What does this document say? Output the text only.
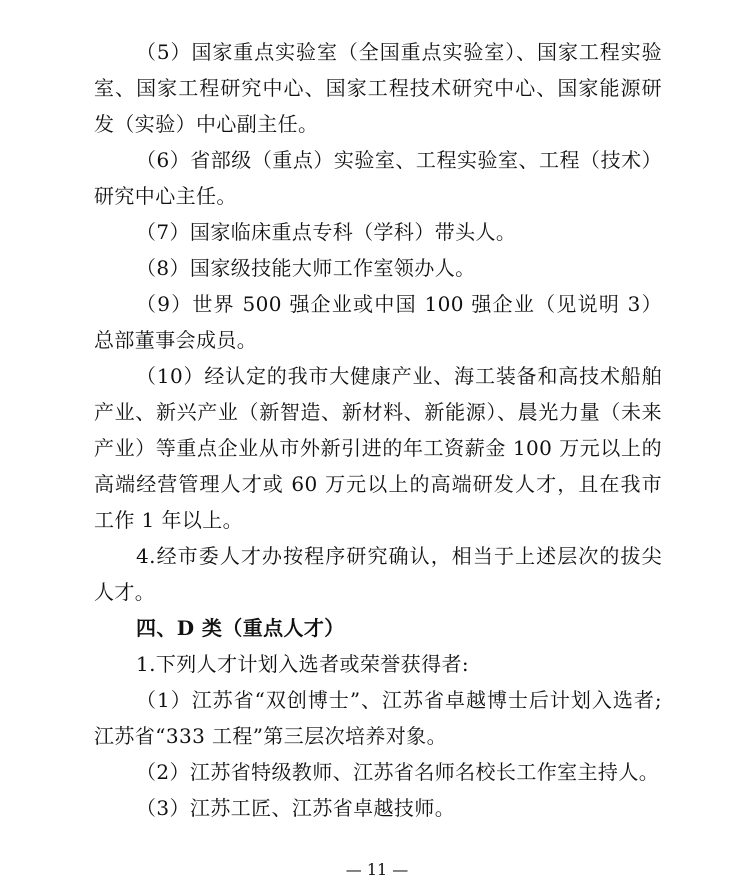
（5）国家重点实验室（全国重点实验室）、国家工程实验室、国家工程研究中心、国家工程技术研究中心、国家能源研发（实验）中心副主任。

（6）省部级（重点）实验室、工程实验室、工程（技术）研究中心主任。

（7）国家临床重点专科（学科）带头人。

（8）国家级技能大师工作室领办人。

（9）世界 500 强企业或中国 100 强企业（见说明 3）总部董事会成员。

（10）经认定的我市大健康产业、海工装备和高技术船舶产业、新兴产业（新智造、新材料、新能源）、晨光力量（未来产业）等重点企业从市外新引进的年工资薪金 100 万元以上的高端经营管理人才或 60 万元以上的高端研发人才，且在我市工作 1 年以上。

4.经市委人才办按程序研究确认，相当于上述层次的拔尖人才。

四、D 类（重点人才）

1.下列人才计划入选者或荣誉获得者:

（1）江苏省“双创博士”、江苏省卓越博士后计划入选者;江苏省“333 工程”第三层次培养对象。

（2）江苏省特级教师、江苏省名师名校长工作室主持人。

（3）江苏工匠、江苏省卓越技师。

— 11 —
